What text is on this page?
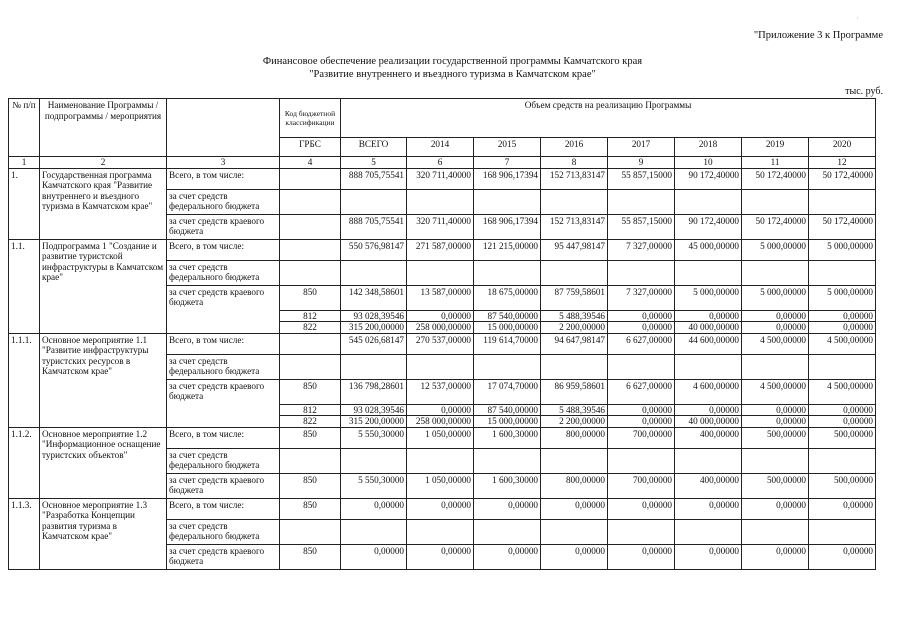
·
"Приложение 3 к Программе
Финансовое обеспечение реализации государственной программы Камчатского края
"Развитие внутреннего и въездного туризма в Камчатском крае"
тыс. руб.
№ п/п	Наименование Программы / подпрограммы / мероприятия		Код бюджетной классификации	Объем средств на реализацию Программы							
			ГРБС	ВСЕГО	2014	2015	2016	2017	2018	2019	2020
1	2	3	4	5	6	7	8	9	10	11	12
1.	Государственная программа Камчатского края "Развитие внутреннего и въездного туризма в Камчатском крае"	Всего, в том числе:		888 705,75541	320 711,40000	168 906,17394	152 713,83147	55 857,15000	90 172,40000	50 172,40000	50 172,40000
		за счет средств федерального бюджета									
		за счет средств краевого бюджета		888 705,75541	320 711,40000	168 906,17394	152 713,83147	55 857,15000	90 172,40000	50 172,40000	50 172,40000
1.1.	Подпрограмма 1 "Создание и развитие туристской инфраструктуры в Камчатском крае"	Всего, в том числе:		550 576,98147	271 587,00000	121 215,00000	95 447,98147	7 327,00000	45 000,00000	5 000,00000	5 000,00000
		за счет средств федерального бюджета									
		за счет средств краевого бюджета	850	142 348,58601	13 587,00000	18 675,00000	87 759,58601	7 327,00000	5 000,00000	5 000,00000	5 000,00000
			812	93 028,39546	0,00000	87 540,00000	5 488,39546	0,00000	0,00000	0,00000	0,00000
			822	315 200,00000	258 000,00000	15 000,00000	2 200,00000	0,00000	40 000,00000	0,00000	0,00000
1.1.1.	Основное мероприятие 1.1 "Развитие инфраструктуры туристских ресурсов в Камчатском крае"	Всего, в том числе:		545 026,68147	270 537,00000	119 614,70000	94 647,98147	6 627,00000	44 600,00000	4 500,00000	4 500,00000
		за счет средств федерального бюджета									
		за счет средств краевого бюджета	850	136 798,28601	12 537,00000	17 074,70000	86 959,58601	6 627,00000	4 600,00000	4 500,00000	4 500,00000
			812	93 028,39546	0,00000	87 540,00000	5 488,39546	0,00000	0,00000	0,00000	0,00000
			822	315 200,00000	258 000,00000	15 000,00000	2 200,00000	0,00000	40 000,00000	0,00000	0,00000
1.1.2.	Основное мероприятие 1.2 "Информационное оснащение туристских объектов"	Всего, в том числе:	850	5 550,30000	1 050,00000	1 600,30000	800,00000	700,00000	400,00000	500,00000	500,00000
		за счет средств федерального бюджета									
		за счет средств краевого бюджета	850	5 550,30000	1 050,00000	1 600,30000	800,00000	700,00000	400,00000	500,00000	500,00000
1.1.3.	Основное мероприятие 1.3 "Разработка Концепции развития туризма в Камчатском крае"	Всего, в том числе:	850	0,00000	0,00000	0,00000	0,00000	0,00000	0,00000	0,00000	0,00000
		за счет средств федерального бюджета									
		за счет средств краевого бюджета	850	0,00000	0,00000	0,00000	0,00000	0,00000	0,00000	0,00000	0,00000
